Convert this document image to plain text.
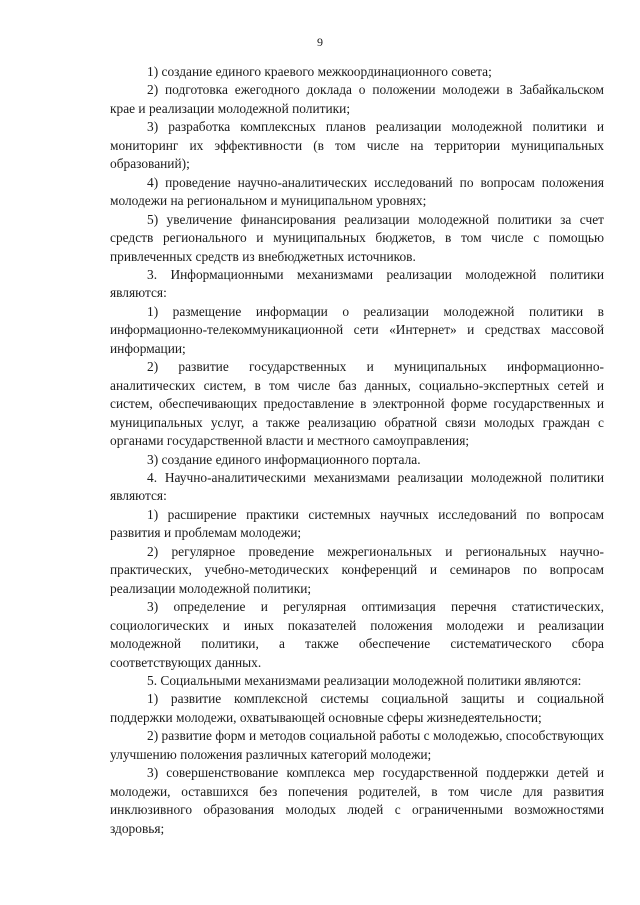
9

1) создание единого краевого межкоординационного совета;

2) подготовка ежегодного доклада о положении молодежи в Забайкальском крае и реализации молодежной политики;

3) разработка комплексных планов реализации молодежной политики и мониторинг их эффективности (в том числе на территории муниципальных образований);

4) проведение научно-аналитических исследований по вопросам положения молодежи на региональном и муниципальном уровнях;

5) увеличение финансирования реализации молодежной политики за счет средств регионального и муниципальных бюджетов, в том числе с помощью привлеченных средств из внебюджетных источников.

3. Информационными механизмами реализации молодежной политики являются:

1) размещение информации о реализации молодежной политики в информационно-телекоммуникационной сети «Интернет» и средствах массовой информации;

2) развитие государственных и муниципальных информационно-аналитических систем, в том числе баз данных, социально-экспертных сетей и систем, обеспечивающих предоставление в электронной форме государственных и муниципальных услуг, а также реализацию обратной связи молодых граждан с органами государственной власти и местного самоуправления;

3) создание единого информационного портала.

4. Научно-аналитическими механизмами реализации молодежной политики являются:

1) расширение практики системных научных исследований по вопросам развития и проблемам молодежи;

2) регулярное проведение межрегиональных и региональных научно-практических, учебно-методических конференций и семинаров по вопросам реализации молодежной политики;

3) определение и регулярная оптимизация перечня статистических, социологических и иных показателей положения молодежи и реализации молодежной политики, а также обеспечение систематического сбора соответствующих данных.

5. Социальными механизмами реализации молодежной политики являются:

1) развитие комплексной системы социальной защиты и социальной поддержки молодежи, охватывающей основные сферы жизнедеятельности;

2) развитие форм и методов социальной работы с молодежью, способствующих улучшению положения различных категорий молодежи;

3) совершенствование комплекса мер государственной поддержки детей и молодежи, оставшихся без попечения родителей, в том числе для развития инклюзивного образования молодых людей с ограниченными возможностями здоровья;
